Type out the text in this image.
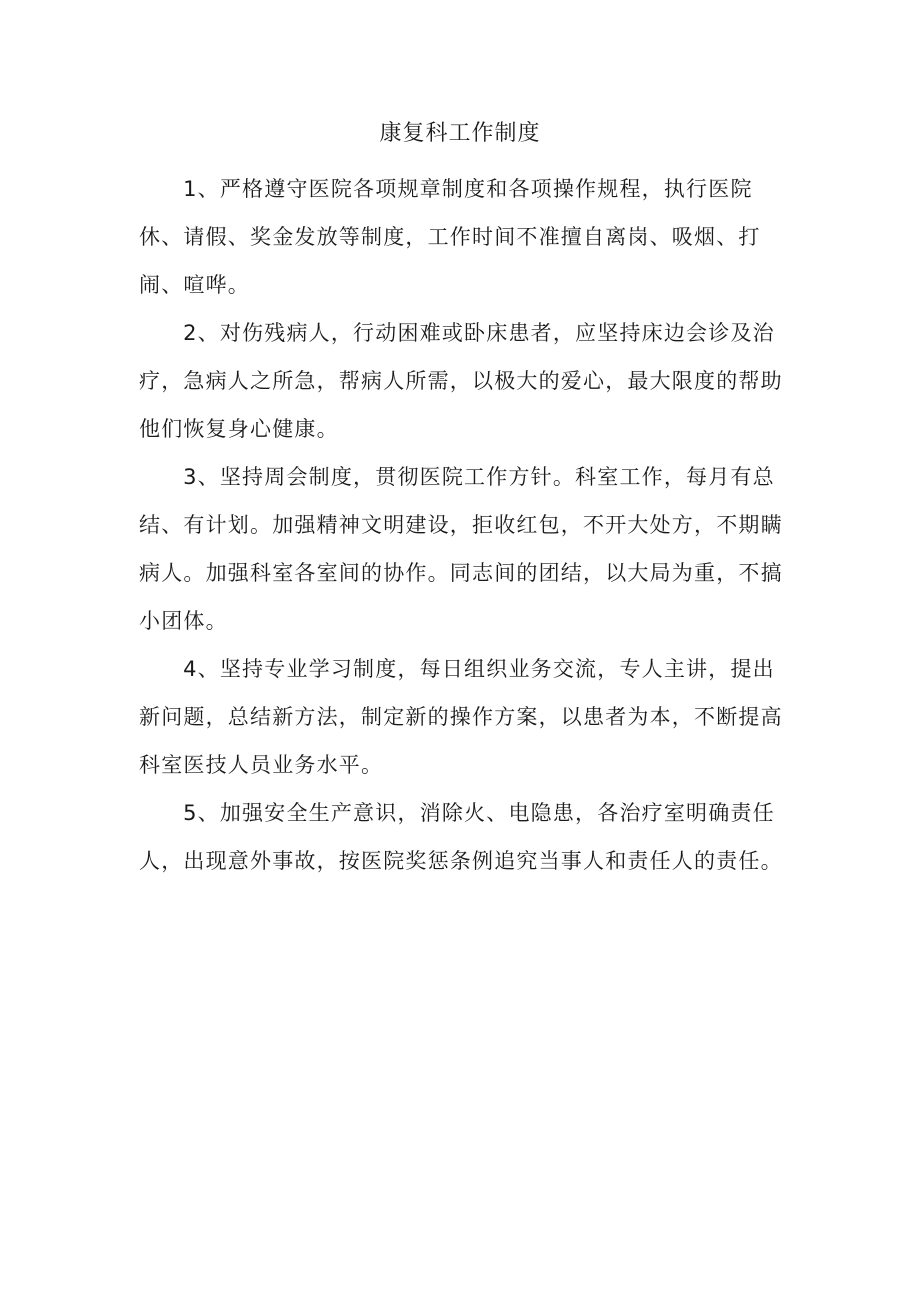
康复科工作制度

1、严格遵守医院各项规章制度和各项操作规程，执行医院休、请假、奖金发放等制度，工作时间不准擅自离岗、吸烟、打闹、喧哗。

2、对伤残病人，行动困难或卧床患者，应坚持床边会诊及治疗，急病人之所急，帮病人所需，以极大的爱心，最大限度的帮助他们恢复身心健康。

3、坚持周会制度，贯彻医院工作方针。科室工作，每月有总结、有计划。加强精神文明建设，拒收红包，不开大处方，不期瞒病人。加强科室各室间的协作。同志间的团结，以大局为重，不搞小团体。

4、坚持专业学习制度，每日组织业务交流，专人主讲，提出新问题，总结新方法，制定新的操作方案，以患者为本，不断提高科室医技人员业务水平。

5、加强安全生产意识，消除火、电隐患，各治疗室明确责任人，出现意外事故，按医院奖惩条例追究当事人和责任人的责任。
